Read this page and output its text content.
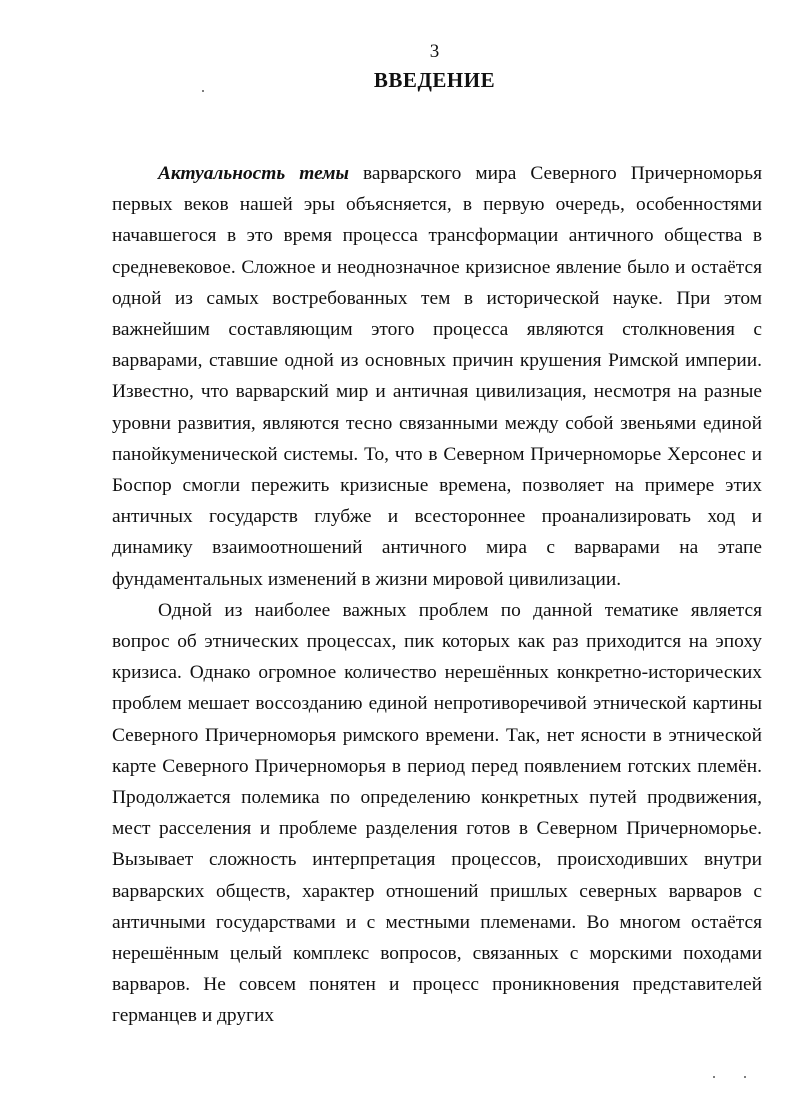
3
ВВЕДЕНИЕ

Актуальность темы варварского мира Северного Причерноморья первых веков нашей эры объясняется, в первую очередь, особенностями начавшегося в это время процесса трансформации античного общества в средневековое. Сложное и неоднозначное кризисное явление было и остаётся одной из самых востребованных тем в исторической науке. При этом важнейшим составляющим этого процесса являются столкновения с варварами, ставшие одной из основных причин крушения Римской империи. Известно, что варварский мир и античная цивилизация, несмотря на разные уровни развития, являются тесно связанными между собой звеньями единой панойкуменической системы. То, что в Северном Причерноморье Херсонес и Боспор смогли пережить кризисные времена, позволяет на примере этих античных государств глубже и всестороннее проанализировать ход и динамику взаимоотношений античного мира с варварами на этапе фундаментальных изменений в жизни мировой цивилизации.

Одной из наиболее важных проблем по данной тематике является вопрос об этнических процессах, пик которых как раз приходится на эпоху кризиса. Однако огромное количество нерешённых конкретно-исторических проблем мешает воссозданию единой непротиворечивой этнической картины Северного Причерноморья римского времени. Так, нет ясности в этнической карте Северного Причерноморья в период перед появлением готских племён. Продолжается полемика по определению конкретных путей продвижения, мест расселения и проблеме разделения готов в Северном Причерноморье. Вызывает сложность интерпретация процессов, происходивших внутри варварских обществ, характер отношений пришлых северных варваров с античными государствами и с местными племенами. Во многом остаётся нерешённым целый комплекс вопросов, связанных с морскими походами варваров. Не совсем понятен и процесс проникновения представителей германцев и других
